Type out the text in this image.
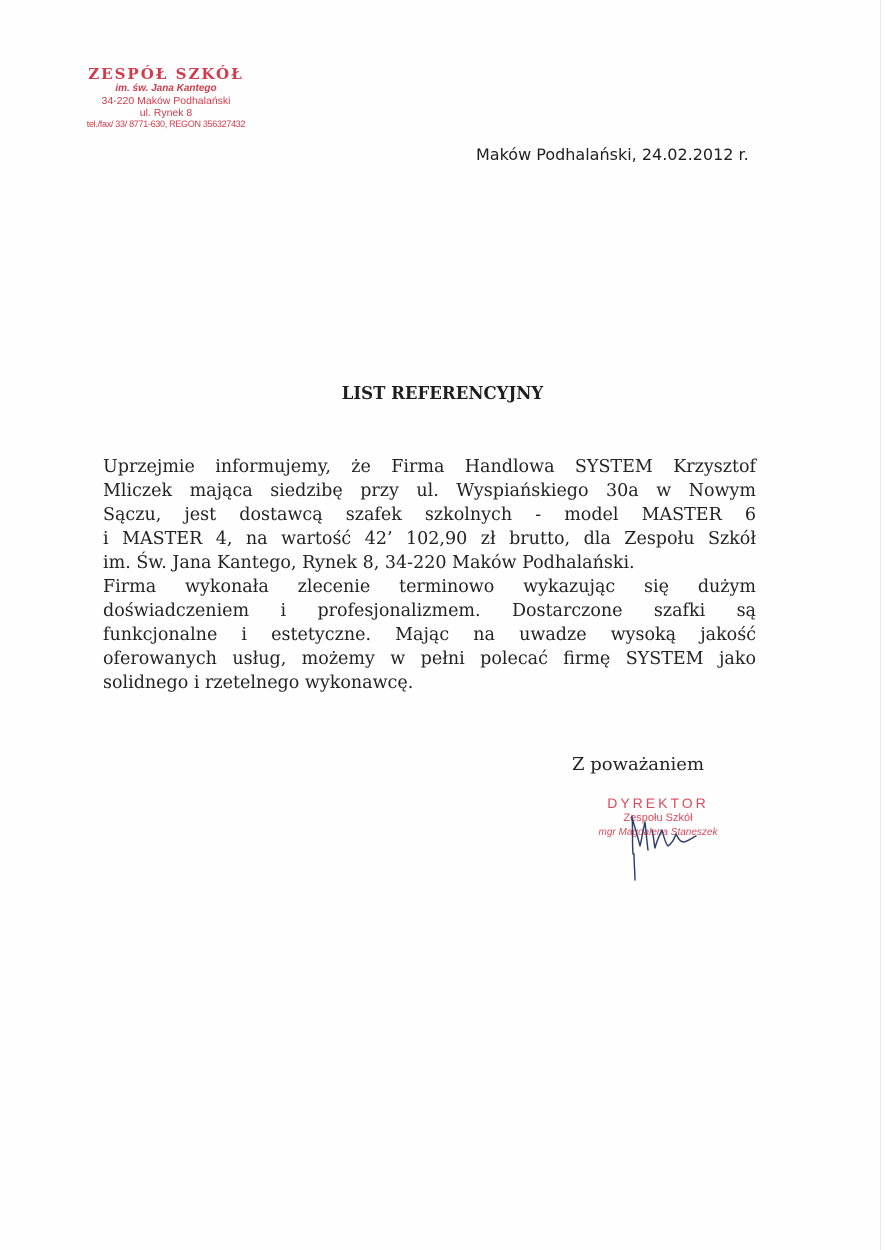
ZESPÓŁ SZKÓŁ
im. św. Jana Kantego
34-220 Maków Podhalański
ul. Rynek 8
tel./fax/ 33/ 8771-630, REGON 356327432
Maków Podhalański, 24.02.2012 r.
LIST REFERENCYJNY
Uprzejmie informujemy, że Firma Handlowa SYSTEM Krzysztof
Mliczek mająca siedzibę przy ul. Wyspiańskiego 30a w Nowym
Sączu, jest dostawcą szafek szkolnych - model MASTER 6
i MASTER 4, na wartość 42’ 102,90 zł brutto, dla Zespołu Szkół
im. Św. Jana Kantego, Rynek 8, 34-220 Maków Podhalański.
Firma wykonała zlecenie terminowo wykazując się dużym
doświadczeniem i profesjonalizmem. Dostarczone szafki są
funkcjonalne i estetyczne. Mając na uwadze wysoką jakość
oferowanych usług, możemy w pełni polecać firmę SYSTEM jako
solidnego i rzetelnego wykonawcę.
Z poważaniem
DYREKTOR
Zespołu Szkół
mgr Magdalena Staneszek
